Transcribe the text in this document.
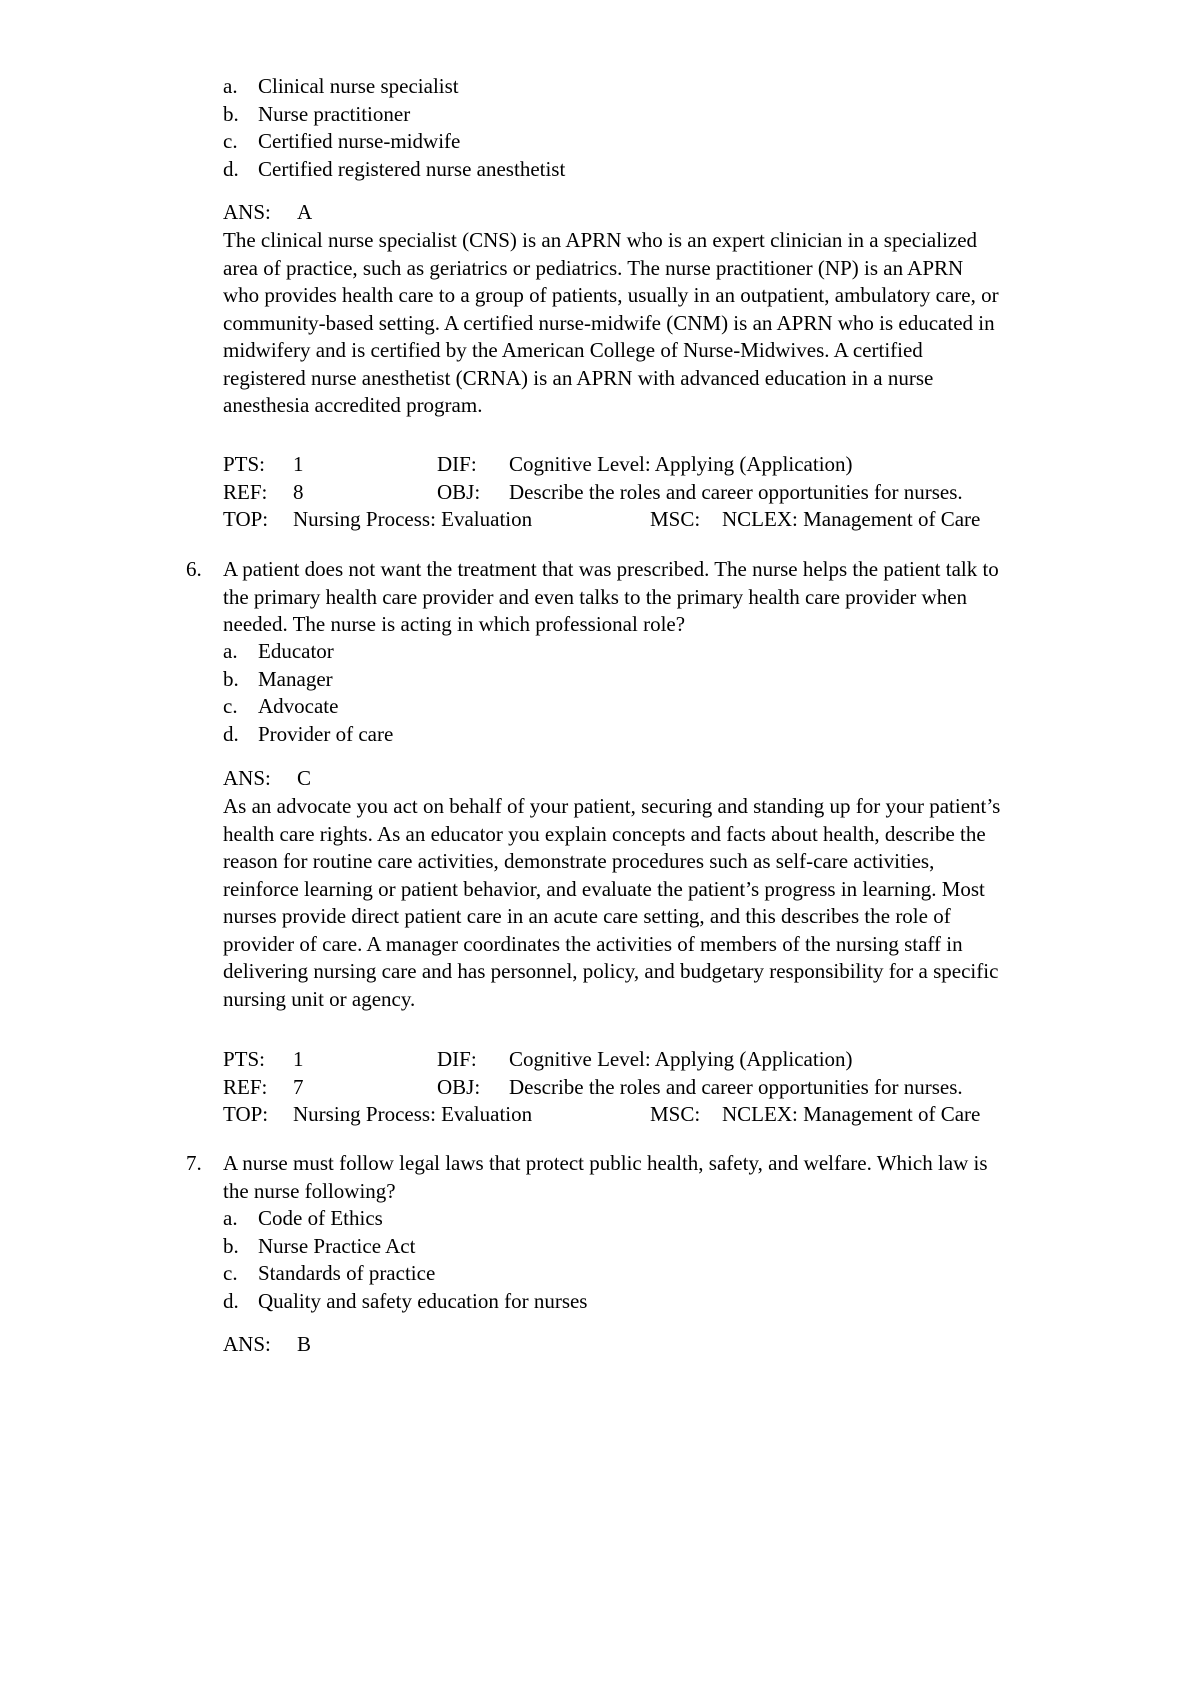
a. Clinical nurse specialist
b. Nurse practitioner
c. Certified nurse-midwife
d. Certified registered nurse anesthetist
ANS: A
The clinical nurse specialist (CNS) is an APRN who is an expert clinician in a specialized
area of practice, such as geriatrics or pediatrics. The nurse practitioner (NP) is an APRN
who provides health care to a group of patients, usually in an outpatient, ambulatory care, or
community-based setting. A certified nurse-midwife (CNM) is an APRN who is educated in
midwifery and is certified by the American College of Nurse-Midwives. A certified
registered nurse anesthetist (CRNA) is an APRN with advanced education in a nurse
anesthesia accredited program.
PTS: 1	DIF: Cognitive Level: Applying (Application)
REF: 8	OBJ: Describe the roles and career opportunities for nurses.
TOP: Nursing Process: Evaluation	MSC: NCLEX: Management of Care
6. A patient does not want the treatment that was prescribed. The nurse helps the patient talk to
the primary health care provider and even talks to the primary health care provider when
needed. The nurse is acting in which professional role?
a. Educator
b. Manager
c. Advocate
d. Provider of care
ANS: C
As an advocate you act on behalf of your patient, securing and standing up for your patient’s
health care rights. As an educator you explain concepts and facts about health, describe the
reason for routine care activities, demonstrate procedures such as self-care activities,
reinforce learning or patient behavior, and evaluate the patient’s progress in learning. Most
nurses provide direct patient care in an acute care setting, and this describes the role of
provider of care. A manager coordinates the activities of members of the nursing staff in
delivering nursing care and has personnel, policy, and budgetary responsibility for a specific
nursing unit or agency.
PTS: 1	DIF: Cognitive Level: Applying (Application)
REF: 7	OBJ: Describe the roles and career opportunities for nurses.
TOP: Nursing Process: Evaluation	MSC: NCLEX: Management of Care
7. A nurse must follow legal laws that protect public health, safety, and welfare. Which law is
the nurse following?
a. Code of Ethics
b. Nurse Practice Act
c. Standards of practice
d. Quality and safety education for nurses
ANS: B
